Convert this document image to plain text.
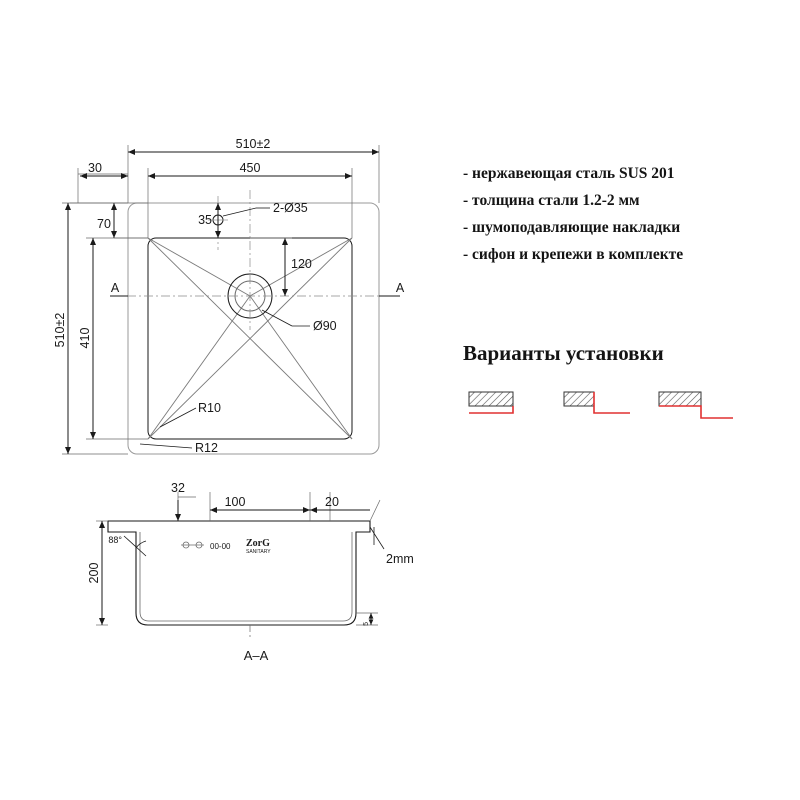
510±2
450
30
70	35
2-Ø35
120
Ø90
510±2 410
R10
R12
A	A
32
100	20
200
2mm
88°
5
00-00 ZorG
SANITARY
A–A
- нержавеющая сталь SUS 201
- толщина стали 1.2-2 мм
- шумоподавляющие накладки
- сифон и крепежи в комплекте
Варианты установки
